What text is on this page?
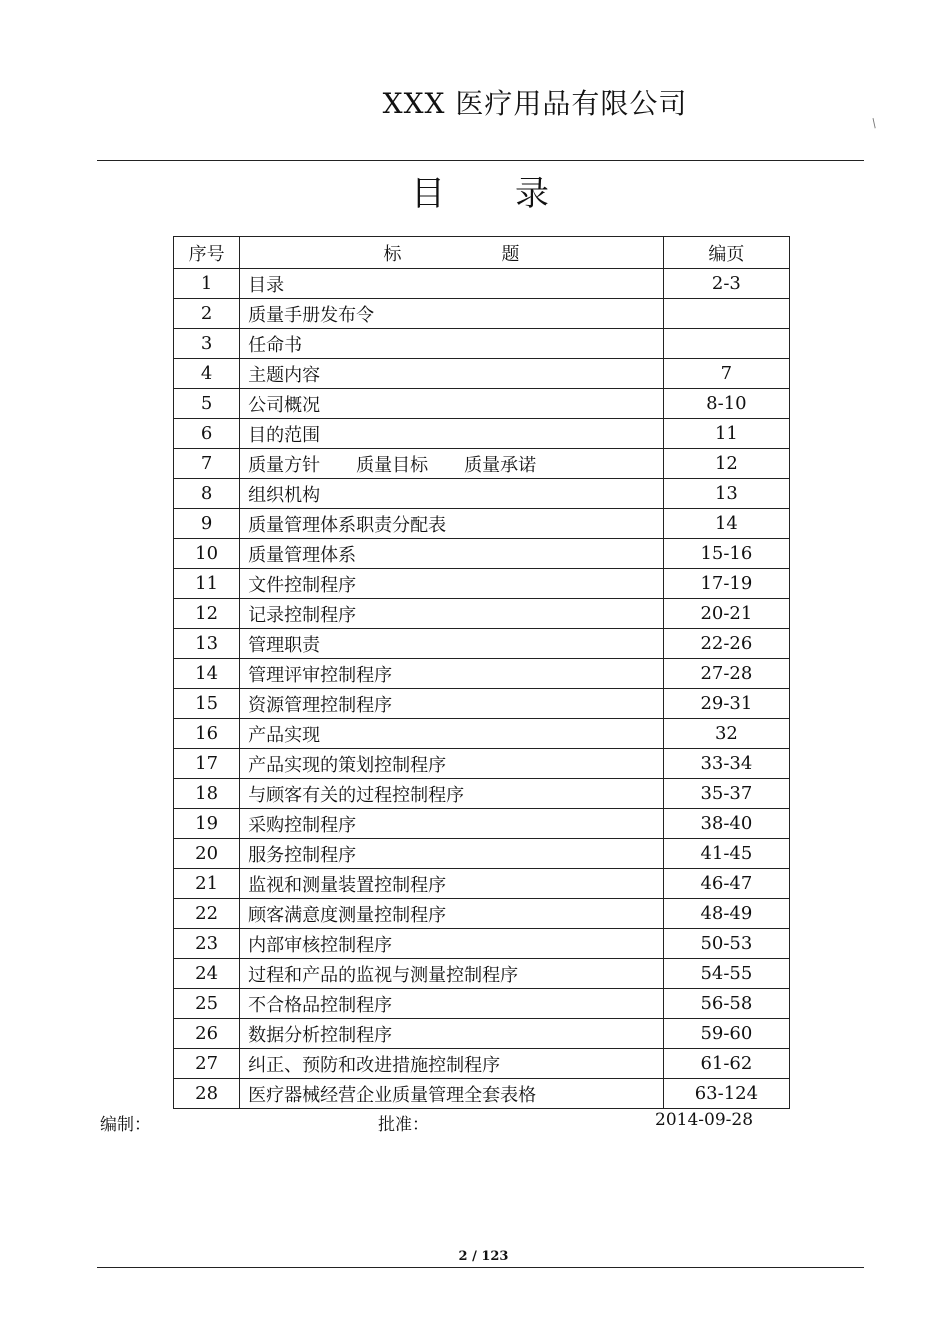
XXX 医疗用品有限公司
/
目 录
序号	标 题	编页
1	目录	2-3
2	质量手册发布令	
3	任命书	
4	主题内容	7
5	公司概况	8-10
6	目的范围	11
7	质量方针　　质量目标　　质量承诺	12
8	组织机构	13
9	质量管理体系职责分配表	14
10	质量管理体系	15-16
11	文件控制程序	17-19
12	记录控制程序	20-21
13	管理职责	22-26
14	管理评审控制程序	27-28
15	资源管理控制程序	29-31
16	产品实现	32
17	产品实现的策划控制程序	33-34
18	与顾客有关的过程控制程序	35-37
19	采购控制程序	38-40
20	服务控制程序	41-45
21	监视和测量装置控制程序	46-47
22	顾客满意度测量控制程序	48-49
23	内部审核控制程序	50-53
24	过程和产品的监视与测量控制程序	54-55
25	不合格品控制程序	56-58
26	数据分析控制程序	59-60
27	纠正、预防和改进措施控制程序	61-62
28	医疗器械经营企业质量管理全套表格	63-124
编制：	批准：	2014-09-28
2 / 123
